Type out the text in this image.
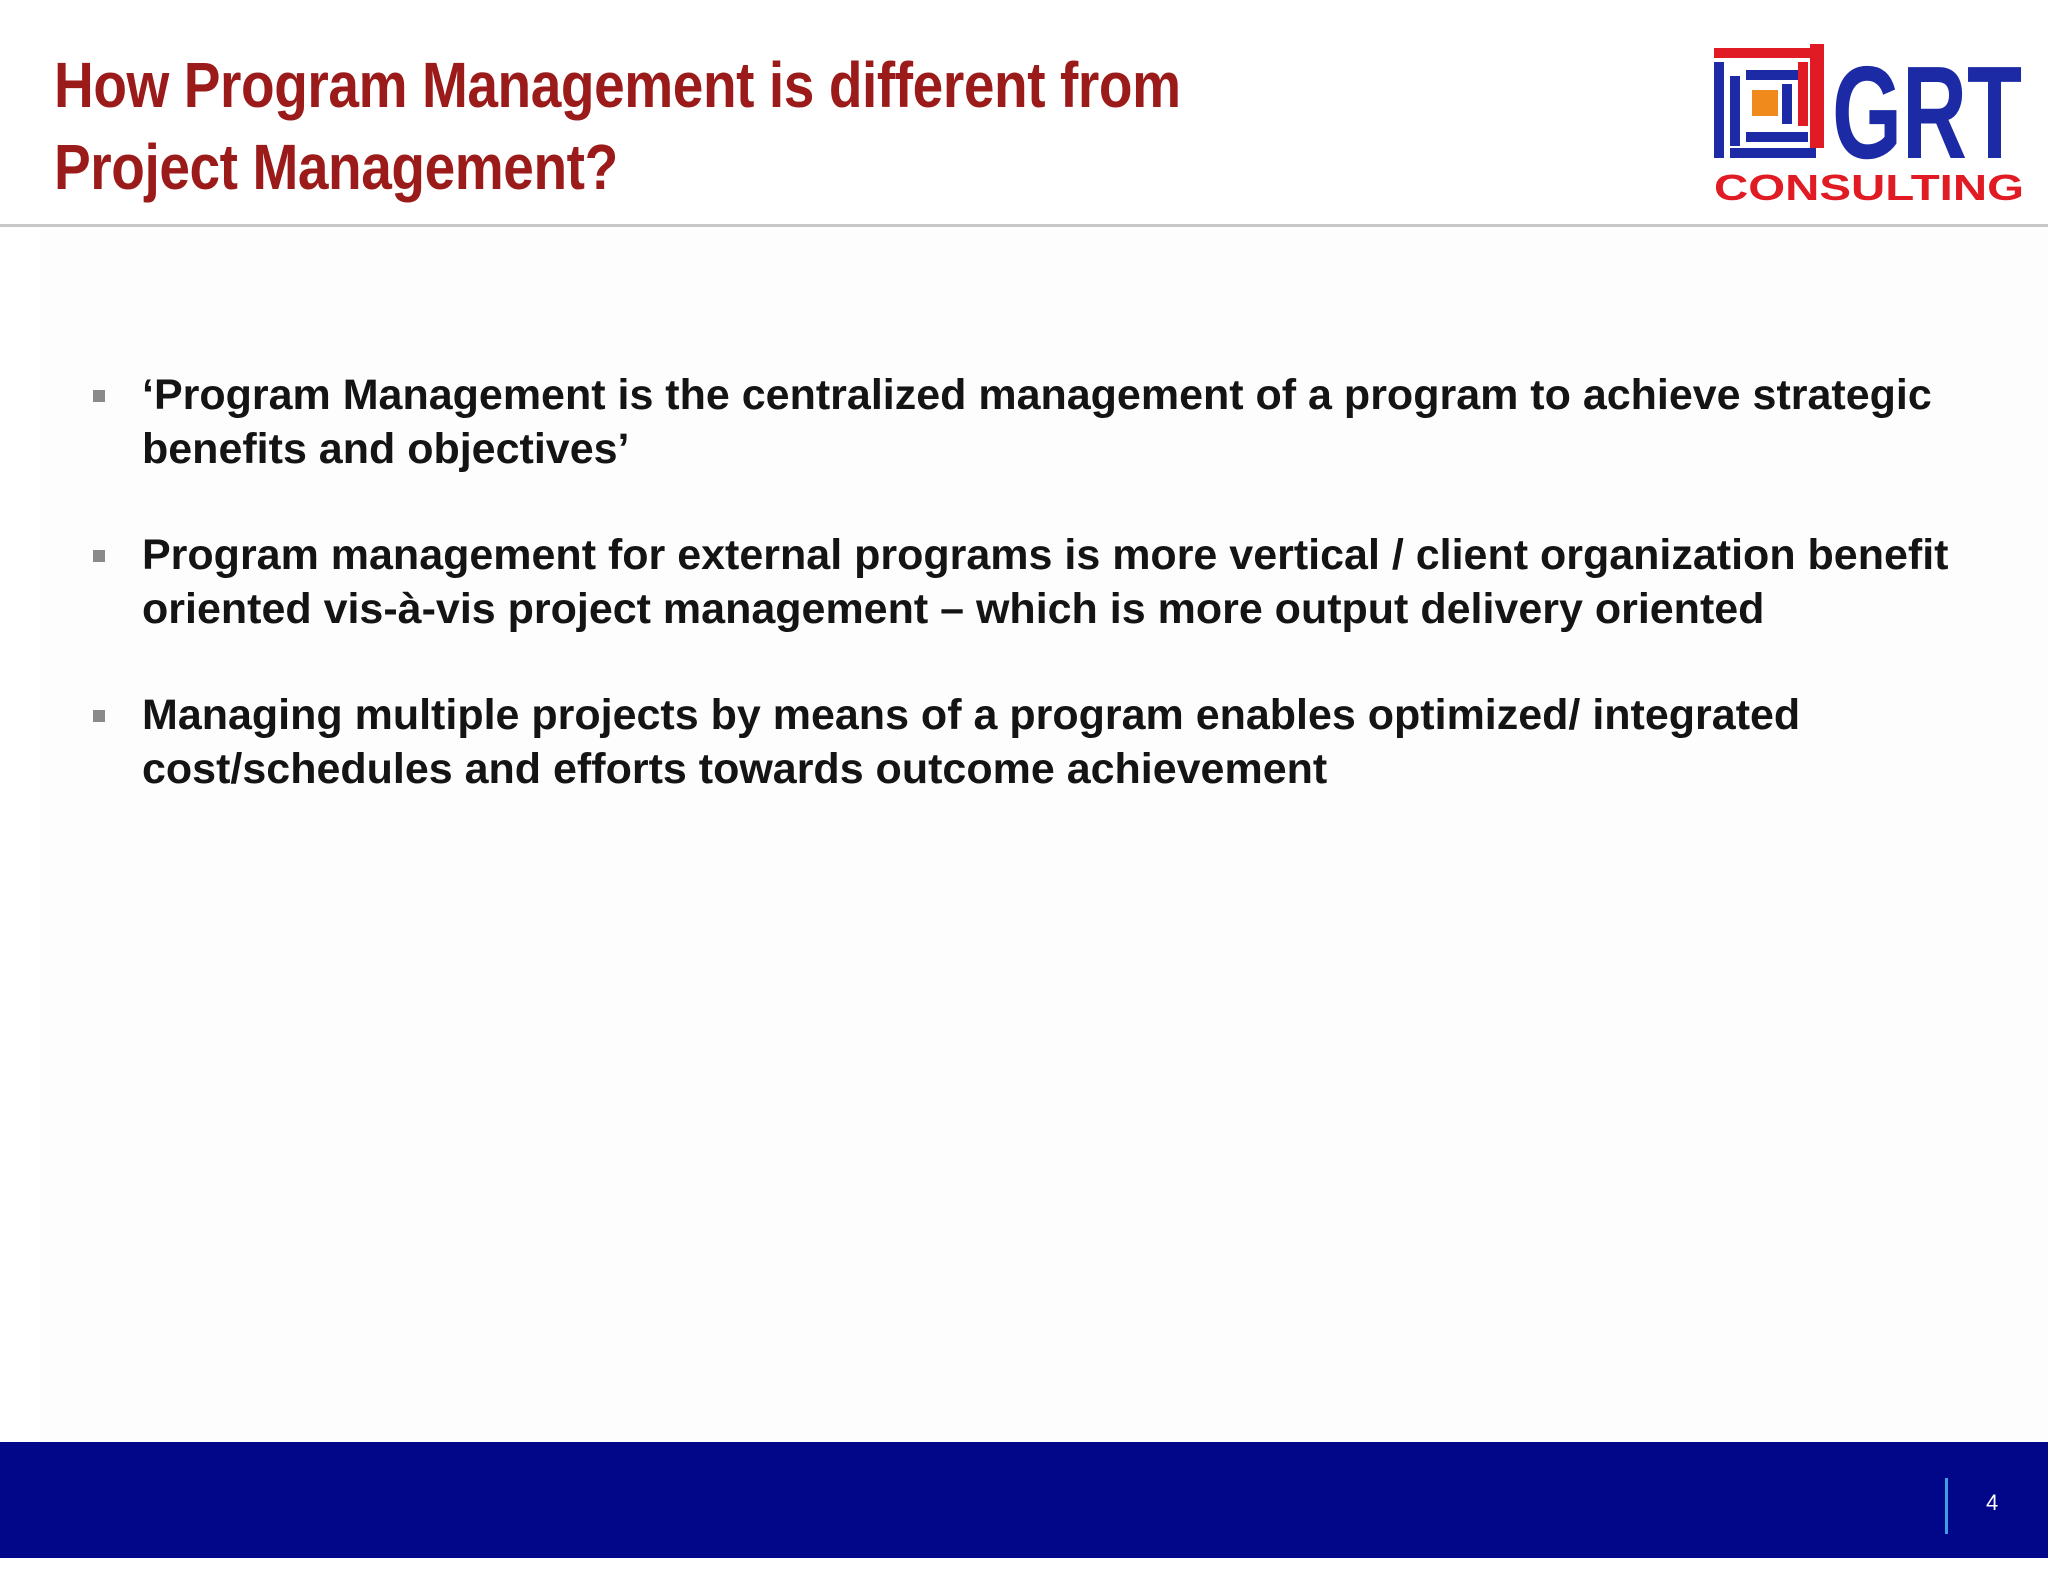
How Program Management is different from Project Management?	GRT
CONSULTING
‘Program Management is the centralized management of a program to achieve strategic benefits and objectives’
Program management for external programs is more vertical / client organization benefit oriented vis-à-vis project management – which is more output delivery oriented
Managing multiple projects by means of a program enables optimized/ integrated cost/schedules and efforts towards outcome achievement
4
